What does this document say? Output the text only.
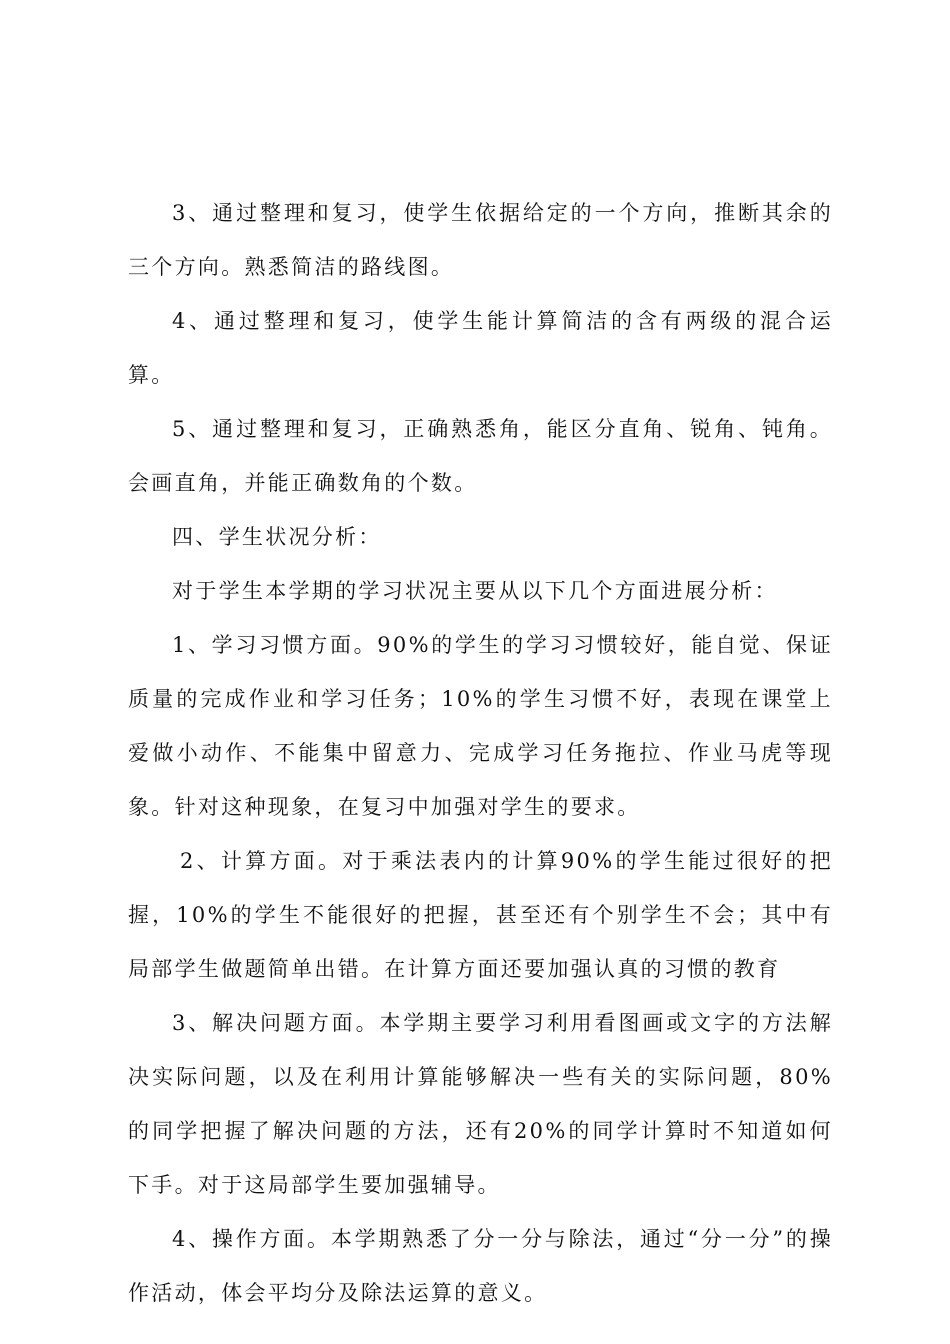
3、通过整理和复习，使学生依据给定的一个方向，推断其余的三个方向。熟悉简洁的路线图。

4、通过整理和复习，使学生能计算简洁的含有两级的混合运算。

5、通过整理和复习，正确熟悉角，能区分直角、锐角、钝角。会画直角，并能正确数角的个数。

四、学生状况分析：

对于学生本学期的学习状况主要从以下几个方面进展分析：

1、学习习惯方面。90%的学生的学习习惯较好，能自觉、保证质量的完成作业和学习任务；10%的学生习惯不好，表现在课堂上爱做小动作、不能集中留意力、完成学习任务拖拉、作业马虎等现象。针对这种现象，在复习中加强对学生的要求。

2、计算方面。对于乘法表内的计算90%的学生能过很好的把握，10%的学生不能很好的把握，甚至还有个别学生不会；其中有局部学生做题简单出错。在计算方面还要加强认真的习惯的教育

3、解决问题方面。本学期主要学习利用看图画或文字的方法解决实际问题，以及在利用计算能够解决一些有关的实际问题，80%的同学把握了解决问题的方法，还有20%的同学计算时不知道如何下手。对于这局部学生要加强辅导。

4、操作方面。本学期熟悉了分一分与除法，通过“分一分”的操作活动，体会平均分及除法运算的意义。
